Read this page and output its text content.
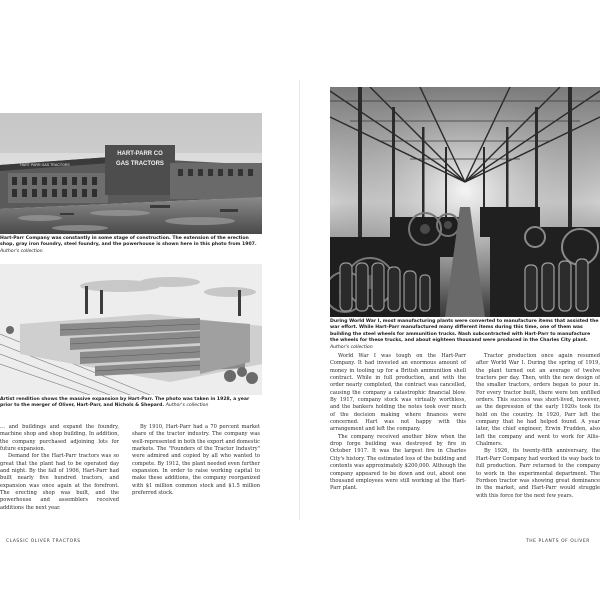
HART-PARR CO
GAS TRACTORS
HART PARR GAS TRACTORS
Hart-Parr Company was constantly in some stage of construction. The extension of the erection shop, gray iron foundry, steel foundry, and the powerhouse is shown here in this photo from 1907. Author's collection
Artist rendition shows the massive expansion by Hart-Parr. The photo was taken in 1928, a year prior to the merger of Oliver, Hart-Parr, and Nichols & Shepard. Author's collection

... and buildings and expand the foundry, machine shop and shop building. In addition, the company purchased adjoining lots for future expansion.

Demand for the Hart-Parr tractors was so great that the plant had to be operated day and night. By the fall of 1906, Hart-Parr had built nearly five hundred tractors, and expansion was once again at the forefront. The erecting shop was built, and the powerhouse and assemblers received additions the next year.

By 1910, Hart-Parr had a 70 percent market share of the tractor industry. The company was well-represented in both the export and domestic markets. The "Founders of the Tractor Industry" were admired and copied by all who wanted to compete. By 1912, the plant needed even further expansion. In order to raise working capital to make these additions, the company reorganized with $1 million common stock and $1.5 million preferred stock.

CLASSIC OLIVER TRACTORS
During World War I, most manufacturing plants were converted to manufacture items that assisted the war effort. While Hart-Parr manufactured many different items during this time, one of them was building the steel wheels for ammunition trucks. Nash subcontracted with Hart-Parr to manufacture the wheels for these trucks, and about eighteen thousand were produced in the Charles City plant. Author's collection

World War I was tough on the Hart-Parr Company. It had invested an enormous amount of money in tooling up for a British ammunition shell contract. While in full production, and with the order nearly completed, the contract was cancelled, causing the company a catastrophic financial blow. By 1917, company stock was virtually worthless, and the bankers holding the notes took over much of the decision making where finances were concerned. Hart was not happy with this arrangement and left the company.

The company received another blow when the drop forge building was destroyed by fire in October 1917. It was the largest fire in Charles City's history. The estimated loss of the building and contents was approximately $200,000. Although the company appeared to be down and out, about one thousand employees were still working at the Hart-Parr plant.

Tractor production once again resumed after World War I. During the spring of 1919, the plant turned out an average of twelve tractors per day. Then, with the new design of the smaller tractors, orders began to pour in. For every tractor built, there were ten unfilled orders. This success was short-lived, however, as the depression of the early 1920s took its hold on the country. In 1920, Parr left the company that he had helped found. A year later, the chief engineer, Erwin Frudden, also left the company and went to work for Allis-Chalmers.

By 1926, its twenty-fifth anniversary, the Hart-Parr Company had worked its way back to full production. Parr returned to the company to work in the experimental department. The Fordson tractor was showing great dominance in the market, and Hart-Parr would struggle with this force for the next few years.

THE PLANTS OF OLIVER
